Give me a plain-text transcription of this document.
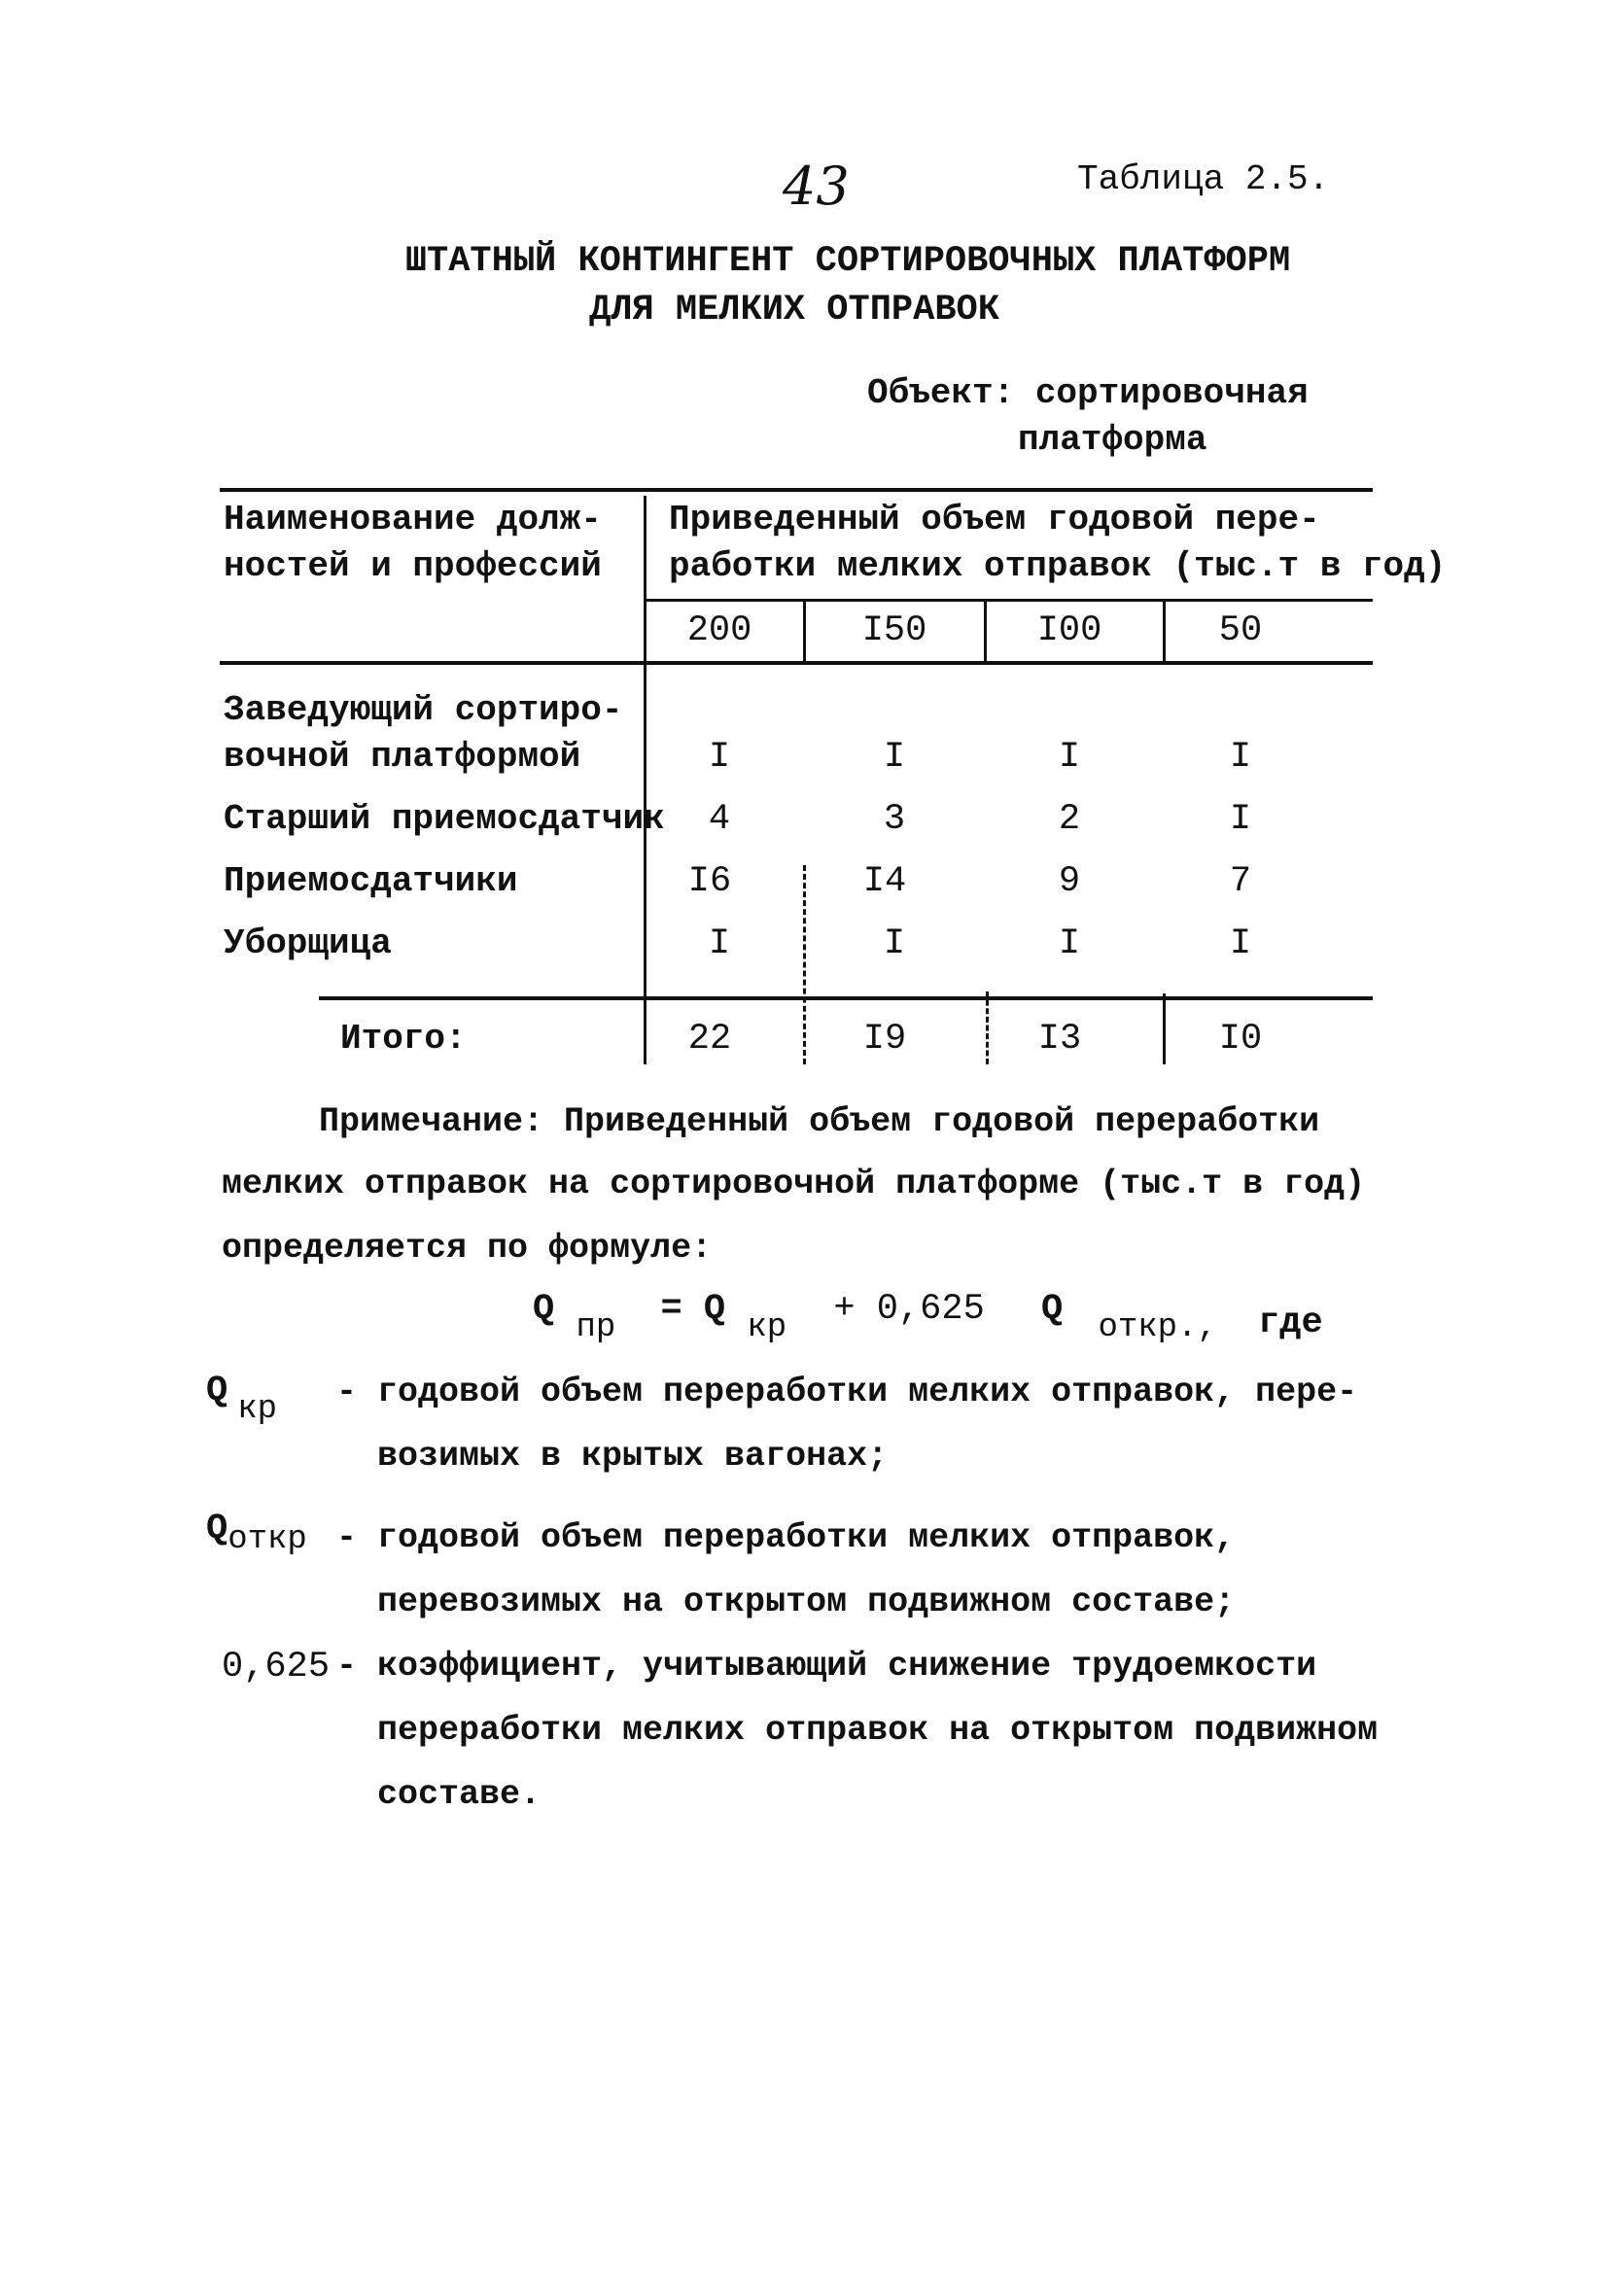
43	Таблица 2.5.
ШТАТНЫЙ КОНТИНГЕНТ СОРТИРОВОЧНЫХ ПЛАТФОРМ
ДЛЯ МЕЛКИХ ОТПРАВОК
Объект: сортировочная
платформа
Наименование долж-
ностей и профессий
Приведенный объем годовой пере-
работки мелких отправок (тыс.т в год)
200	I50	I00	50
Заведующий сортиро-
вочной платформой	I	I	I	I
Старший приемосдатчик	4	3	2	I
Приемосдатчики	I6	I4	9	7
Уборщица	I	I	I	I
Итого:	22	I9	I3	I0
Примечание: Приведенный объем годовой переработки
мелких отправок на сортировочной платформе (тыс.т в год)
определяется по формуле:
Q пр = Q кр + 0,625 Q откр., где
Q кр - годовой объем переработки мелких отправок, пере-
возимых в крытых вагонах;
Qоткр - годовой объем переработки мелких отправок,
перевозимых на открытом подвижном составе;
0,625 - коэффициент, учитывающий снижение трудоемкости
переработки мелких отправок на открытом подвижном
составе.
